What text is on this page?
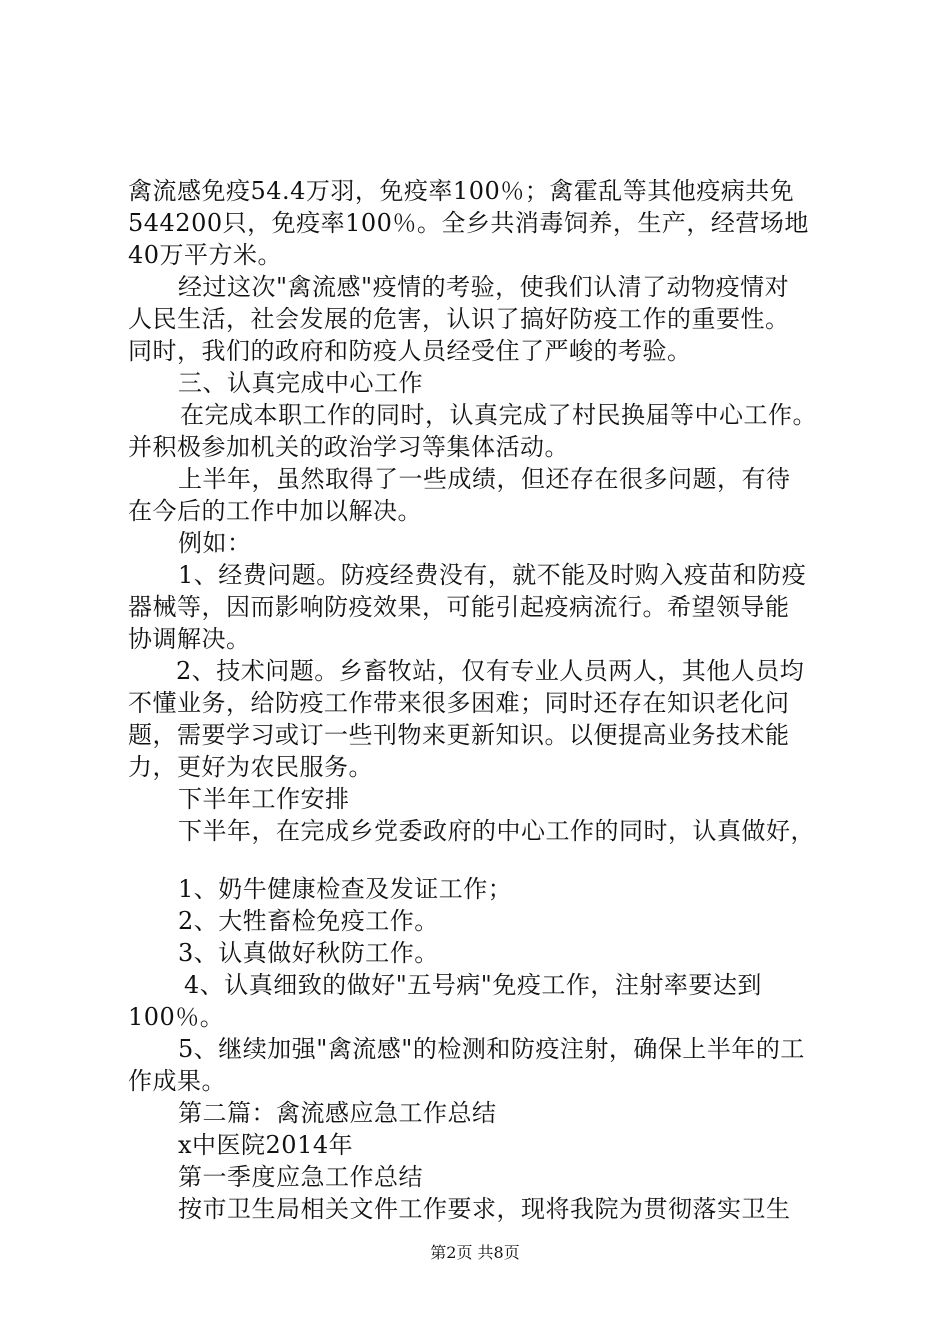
禽流感免疫54.4万羽，免疫率100％；禽霍乱等其他疫病共免
544200只，免疫率100％。全乡共消毒饲养，生产，经营场地
40万平方米。
经过这次"禽流感"疫情的考验，使我们认清了动物疫情对
人民生活，社会发展的危害，认识了搞好防疫工作的重要性。
同时，我们的政府和防疫人员经受住了严峻的考验。
三、认真完成中心工作
在完成本职工作的同时，认真完成了村民换届等中心工作。
并积极参加机关的政治学习等集体活动。
上半年，虽然取得了一些成绩，但还存在很多问题，有待
在今后的工作中加以解决。
例如：
1、经费问题。防疫经费没有，就不能及时购入疫苗和防疫
器械等，因而影响防疫效果，可能引起疫病流行。希望领导能
协调解决。
2、技术问题。乡畜牧站，仅有专业人员两人，其他人员均
不懂业务，给防疫工作带来很多困难；同时还存在知识老化问
题，需要学习或订一些刊物来更新知识。以便提高业务技术能
力，更好为农民服务。
下半年工作安排
下半年，在完成乡党委政府的中心工作的同时，认真做好，
1、奶牛健康检查及发证工作；
2、大牲畜检免疫工作。
3、认真做好秋防工作。
4、认真细致的做好"五号病"免疫工作，注射率要达到
100％。
5、继续加强"禽流感"的检测和防疫注射，确保上半年的工
作成果。
第二篇：禽流感应急工作总结
x中医院2014年
第一季度应急工作总结
按市卫生局相关文件工作要求，现将我院为贯彻落实卫生
第2页 共8页
